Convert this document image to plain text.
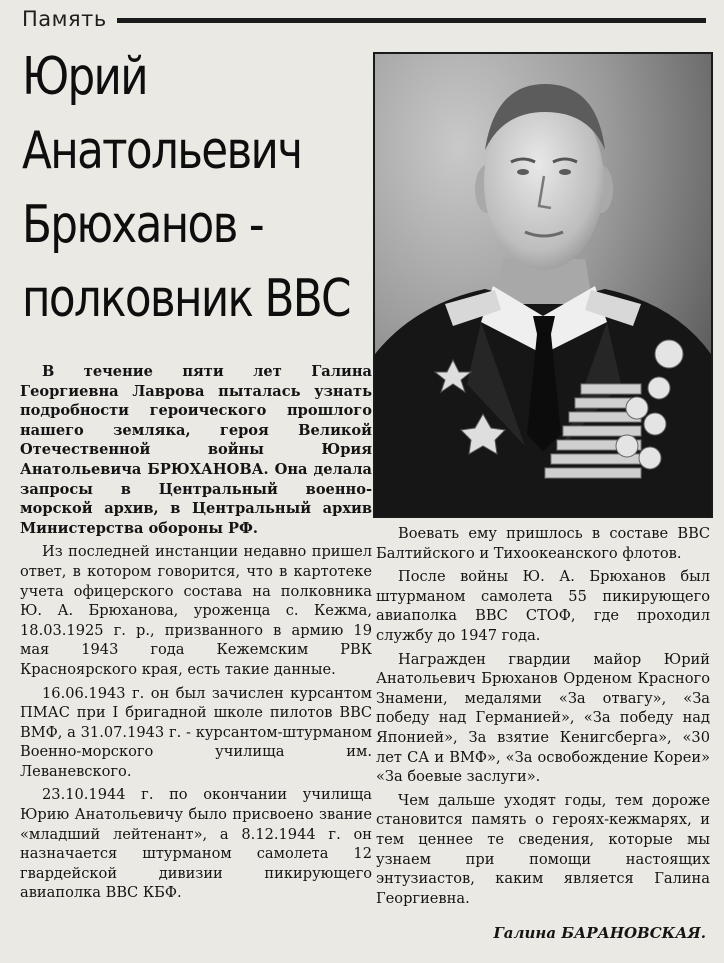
Память
Юрий
Анатольевич
Брюханов -
полковник ВВС

В течение пяти лет Галина Георгиевна Лаврова пыталась узнать подробности героического прошлого нашего земляка, героя Великой Отечественной войны Юрия Анатольевича БРЮХАНОВА. Она делала запросы в Центральный военно-морской архив, в Центральный архив Министерства обороны РФ.

Из последней инстанции недавно пришел ответ, в котором говорится, что в картотеке учета офицерского состава на полковника Ю. А. Брюханова, уроженца с. Кежма, 18.03.1925 г. р., призванного в армию 19 мая 1943 года Кежемским РВК Красноярского края, есть такие данные.

16.06.1943 г. он был зачислен курсантом ПМАС при I бригадной школе пилотов ВВС ВМФ, а 31.07.1943 г. - курсантом-штурманом Военно-морского училища им. Леваневского.

23.10.1944 г. по окончании училища Юрию Анатольевичу было присвоено звание «младший лейтенант», а 8.12.1944 г. он назначается штурманом самолета 12 гвардейской дивизии пикирующего авиаполка ВВС КБФ.

Воевать ему пришлось в составе ВВС Балтийского и Тихоокеанского флотов.

После войны Ю. А. Брюханов был штурманом самолета 55 пикирующего авиаполка ВВС СТОФ, где проходил службу до 1947 года.

Награжден гвардии майор Юрий Анатольевич Брюханов Орденом Красного Знамени, медалями «За отвагу», «За победу над Германией», «За победу над Японией», За взятие Кенигсберга», «30 лет СА и ВМФ», «За освобождение Кореи» «За боевые заслуги».

Чем дальше уходят годы, тем дороже становится память о героях-кежмарях, и тем ценнее те сведения, которые мы узнаем при помощи настоящих энтузиастов, каким является Галина Георгиевна.

Галина БАРАНОВСКАЯ.
